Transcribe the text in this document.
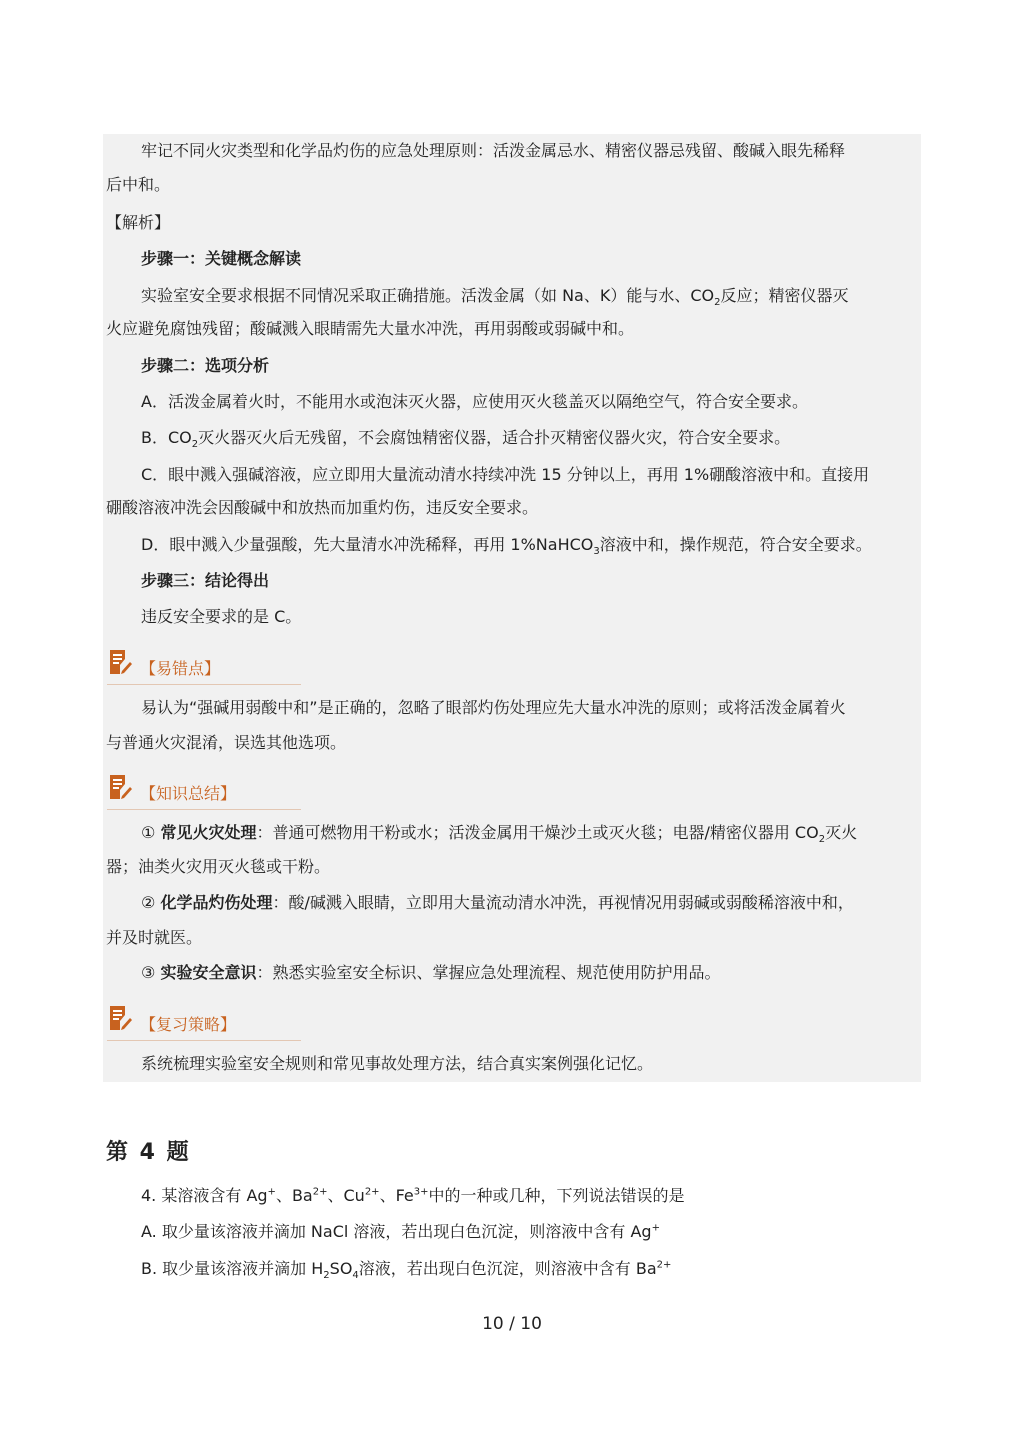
牢记不同火灾类型和化学品灼伤的应急处理原则：活泼金属忌水、精密仪器忌残留、酸碱入眼先稀释
后中和。
【解析】
步骤一：关键概念解读
实验室安全要求根据不同情况采取正确措施。活泼金属（如 Na、K）能与水、$CO_2$反应；精密仪器灭
火应避免腐蚀残留；酸碱溅入眼睛需先大量水冲洗，再用弱酸或弱碱中和。
步骤二：选项分析
A．活泼金属着火时，不能用水或泡沫灭火器，应使用灭火毯盖灭以隔绝空气，符合安全要求。
B．$CO_2$灭火器灭火后无残留，不会腐蚀精密仪器，适合扑灭精密仪器火灾，符合安全要求。
C．眼中溅入强碱溶液，应立即用大量流动清水持续冲洗 15 分钟以上，再用 1%硼酸溶液中和。直接用
硼酸溶液冲洗会因酸碱中和放热而加重灼伤，违反安全要求。
D．眼中溅入少量强酸，先大量清水冲洗稀释，再用 1%NaHCO$_3$溶液中和，操作规范，符合安全要求。
步骤三：结论得出
违反安全要求的是 C。
【易错点】
易认为“强碱用弱酸中和”是正确的，忽略了眼部灼伤处理应先大量水冲洗的原则；或将活泼金属着火
与普通火灾混淆，误选其他选项。
【知识总结】
① 常见火灾处理：普通可燃物用干粉或水；活泼金属用干燥沙土或灭火毯；电器/精密仪器用 $CO_2$灭火
器；油类火灾用灭火毯或干粉。
② 化学品灼伤处理：酸/碱溅入眼睛，立即用大量流动清水冲洗，再视情况用弱碱或弱酸稀溶液中和，
并及时就医。
③ 实验安全意识：熟悉实验室安全标识、掌握应急处理流程、规范使用防护用品。
【复习策略】
系统梳理实验室安全规则和常见事故处理方法，结合真实案例强化记忆。
第 4 题
4. 某溶液含有 Ag+、$Ba^{2+}$、$Cu^{2+}$、$Fe^{3+}$中的一种或几种，下列说法错误的是
A. 取少量该溶液并滴加 NaCl 溶液，若出现白色沉淀，则溶液中含有 Ag+
B. 取少量该溶液并滴加 $H_2SO_4$溶液，若出现白色沉淀，则溶液中含有 $Ba^{2+}$
10 / 10
